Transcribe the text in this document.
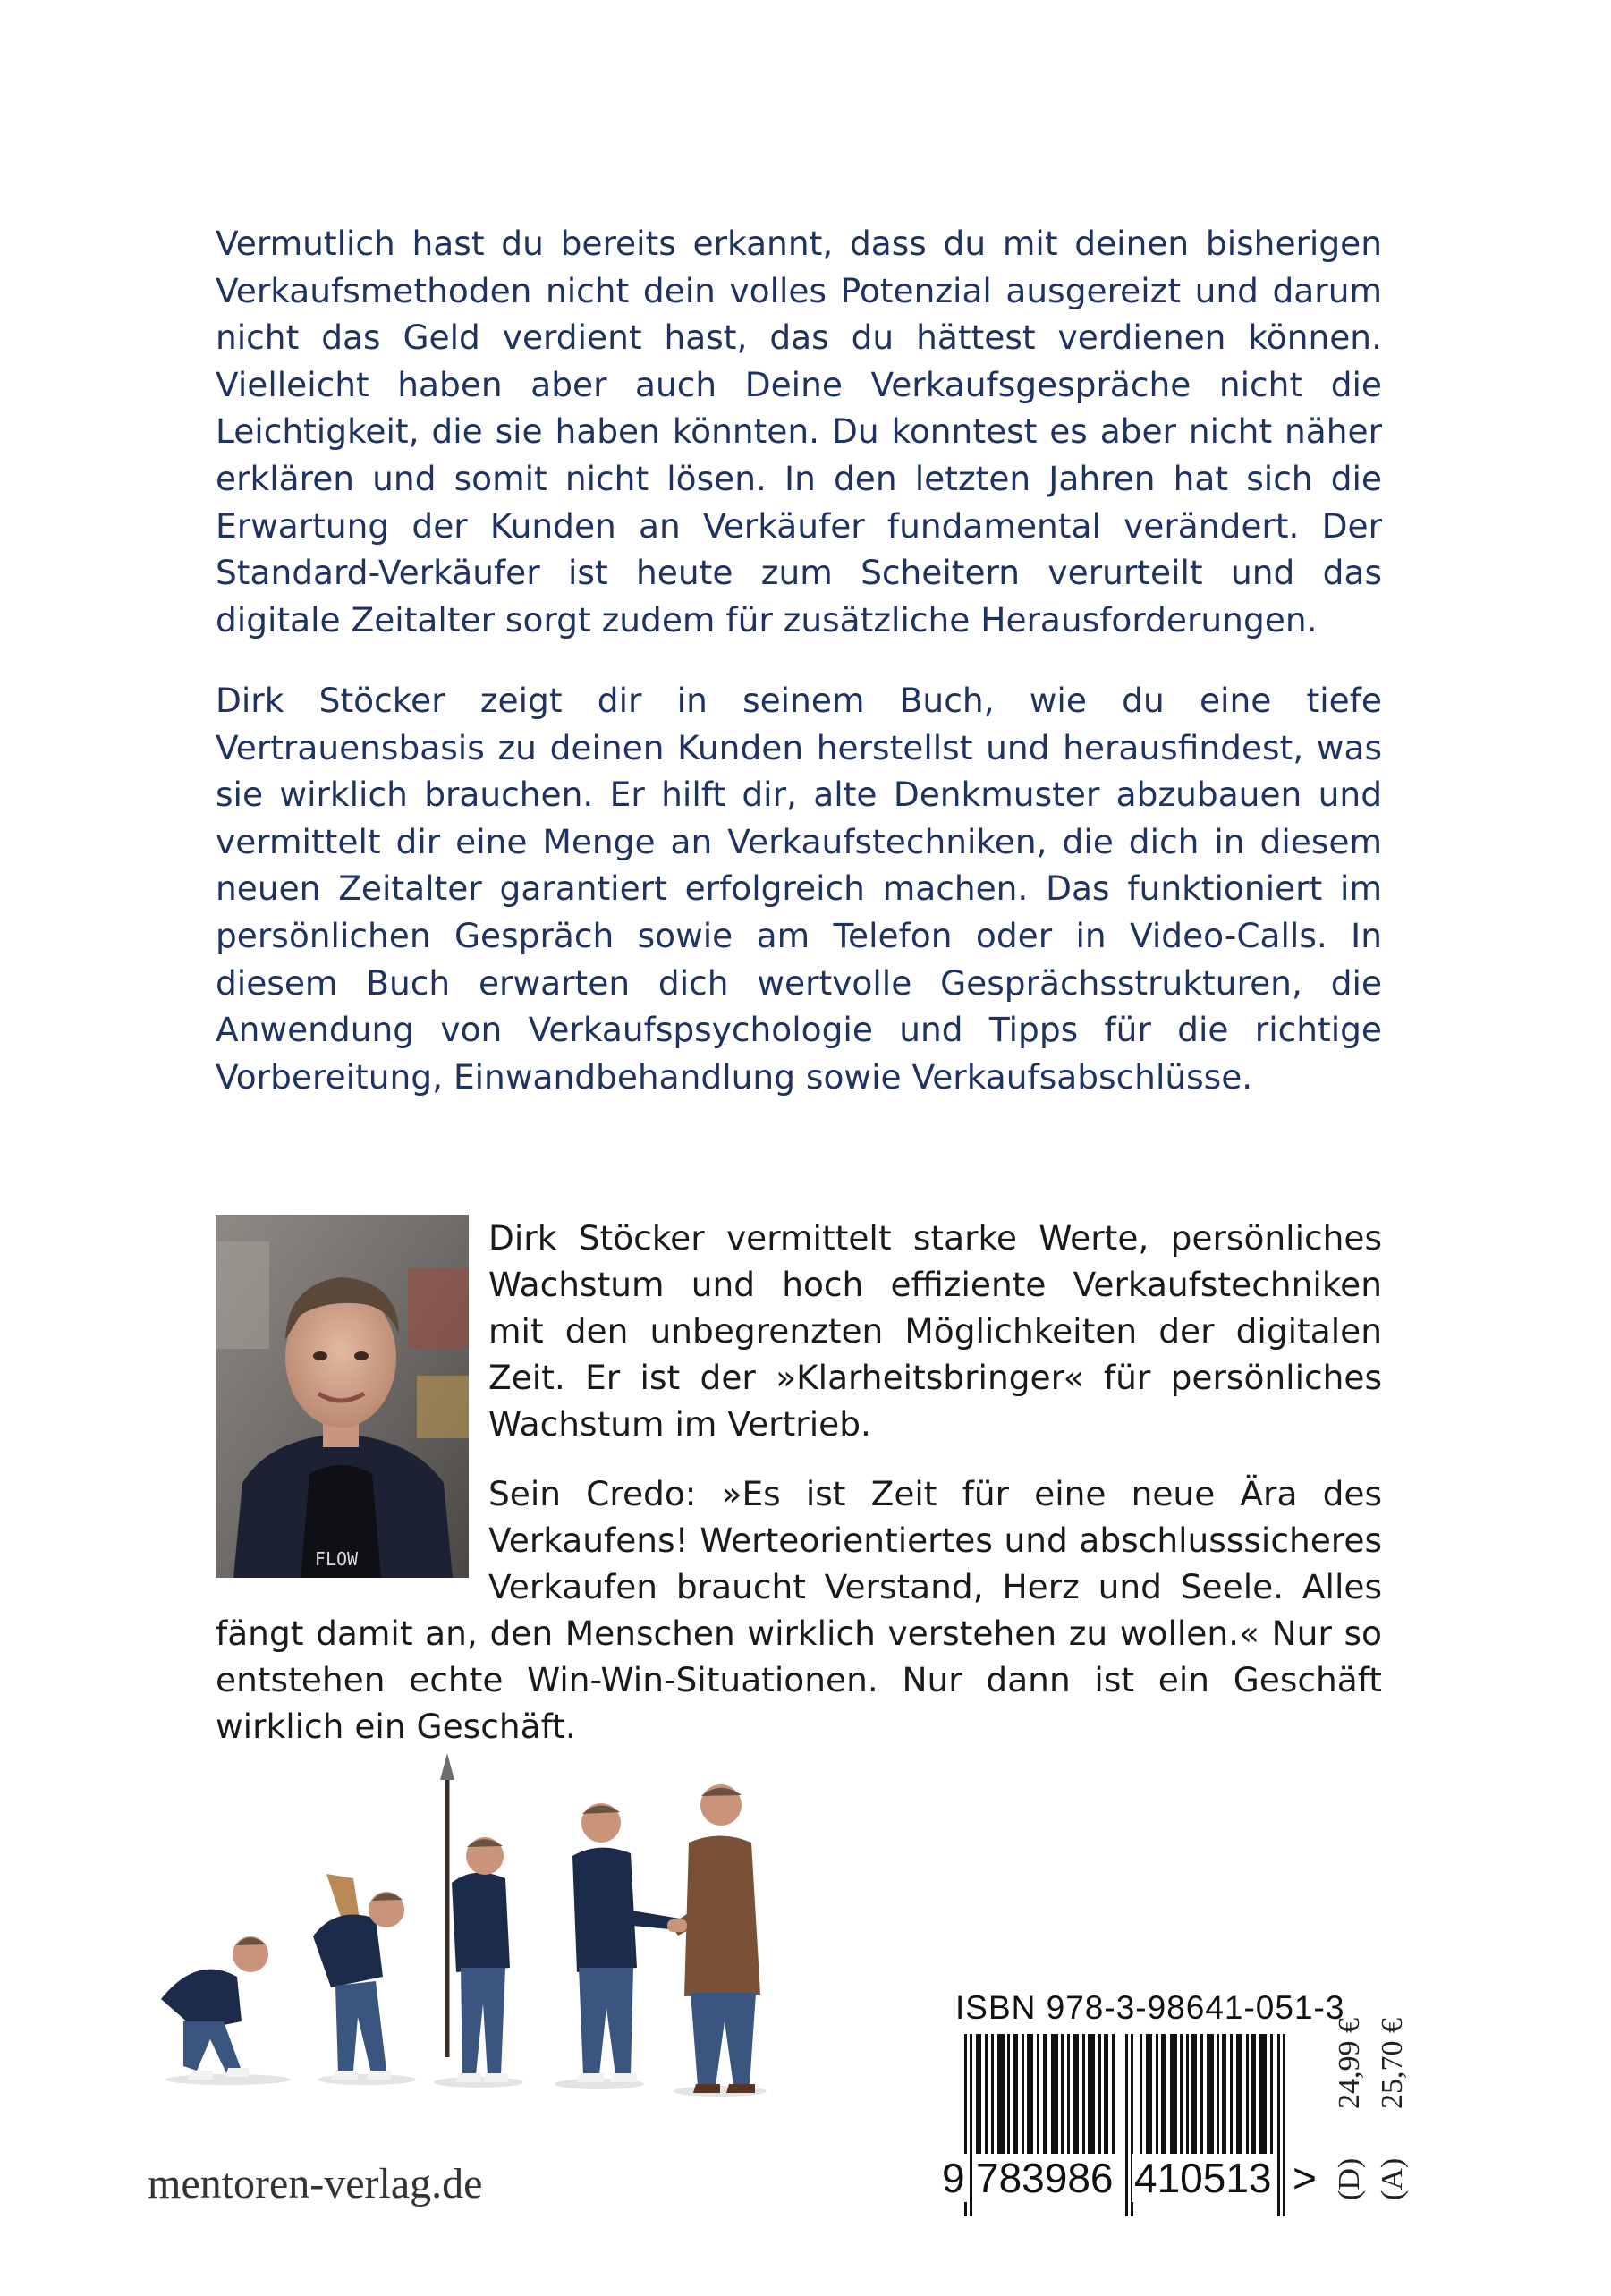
Vermutlich hast du bereits erkannt, dass du mit deinen bisherigen Verkaufsmethoden nicht dein volles Potenzial ausgereizt und darum nicht das Geld verdient hast, das du hättest verdienen können. Vielleicht haben aber auch Deine Verkaufsgespräche nicht die Leichtigkeit, die sie haben könnten. Du konntest es aber nicht näher erklären und somit nicht lösen. In den letzten Jahren hat sich die Erwartung der Kunden an Verkäufer fundamental verändert. Der Standard-Verkäufer ist heute zum Scheitern verurteilt und das digitale Zeitalter sorgt zudem für zusätzliche Herausforderungen.

Dirk Stöcker zeigt dir in seinem Buch, wie du eine tiefe Vertrauensbasis zu deinen Kunden herstellst und herausfindest, was sie wirklich brauchen. Er hilft dir, alte Denkmuster abzubauen und vermittelt dir eine Menge an Verkaufstechniken, die dich in diesem neuen Zeitalter garantiert erfolgreich machen. Das funktioniert im persönlichen Gespräch sowie am Telefon oder in Video-Calls. In diesem Buch erwarten dich wertvolle Gesprächsstrukturen, die Anwendung von Verkaufspsychologie und Tipps für die richtige Vorbereitung, Einwandbehandlung sowie Verkaufsabschlüsse.

FLOW

Dirk Stöcker vermittelt starke Werte, persönliches Wachstum und hoch effiziente Verkaufstechniken mit den unbegrenzten Möglichkeiten der digitalen Zeit. Er ist der »Klarheitsbringer« für persönliches Wachstum im Vertrieb.

Sein Credo: »Es ist Zeit für eine neue Ära des Verkaufens! Werteorientiertes und abschlusssicheres Verkaufen braucht Verstand, Herz und Seele. Alles fängt damit an, den Menschen wirklich verstehen zu wollen.« Nur so entstehen echte Win-Win-Situationen. Nur dann ist ein Geschäft wirklich ein Geschäft.

mentoren-verlag.de

ISBN 978-3-98641-051-3
9 783986 410513 > (D)
24,99 €
(A)
25,70 €
